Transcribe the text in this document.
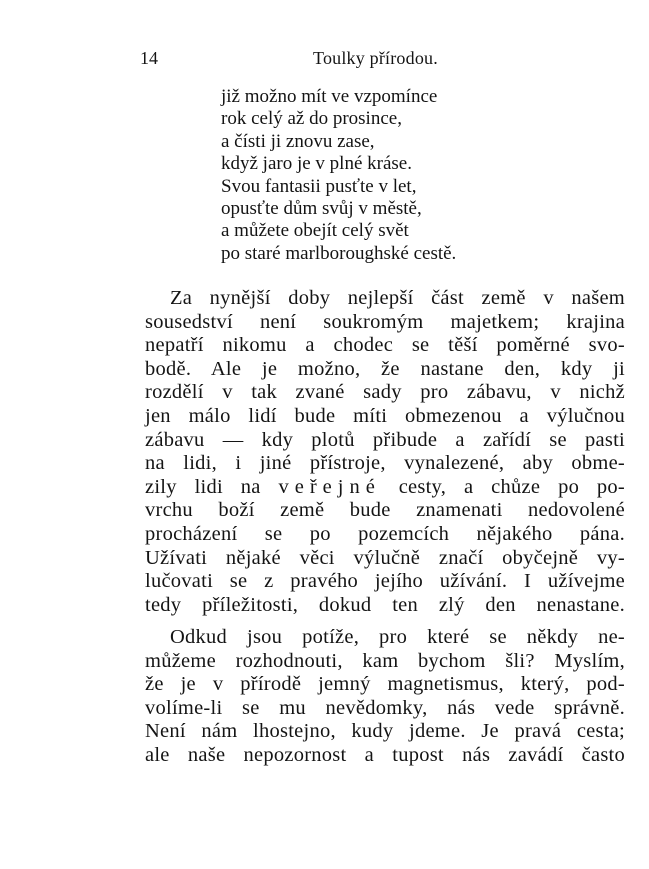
14	Toulky přírodou.
již možno mít ve vzpomínce
rok celý až do prosince,
a čísti ji znovu zase,
když jaro je v plné kráse.
Svou fantasii pusťte v let,
opusťte dům svůj v městě,
a můžete obejít celý svět
po staré marlboroughské cestě.
Za nynější doby nejlepší část země v našem
sousedství není soukromým majetkem; krajina
nepatří nikomu a chodec se těší poměrné svo-
bodě. Ale je možno, že nastane den, kdy ji
rozdělí v tak zvané sady pro zábavu, v nichž
jen málo lidí bude míti obmezenou a výlučnou
zábavu — kdy plotů přibude a zařídí se pasti
na lidi, i jiné přístroje, vynalezené, aby obme-
zily lidi na veřejné cesty, a chůze po po-
vrchu boží země bude znamenati nedovolené
procházení se po pozemcích nějakého pána.
Užívati nějaké věci výlučně značí obyčejně vy-
lučovati se z pravého jejího užívání. I užívejme
tedy příležitosti, dokud ten zlý den nenastane.
Odkud jsou potíže, pro které se někdy ne-
můžeme rozhodnouti, kam bychom šli? Myslím,
že je v přírodě jemný magnetismus, který, pod-
volíme-li se mu nevědomky, nás vede správně.
Není nám lhostejno, kudy jdeme. Je pravá cesta;
ale naše nepozornost a tupost nás zavádí často
